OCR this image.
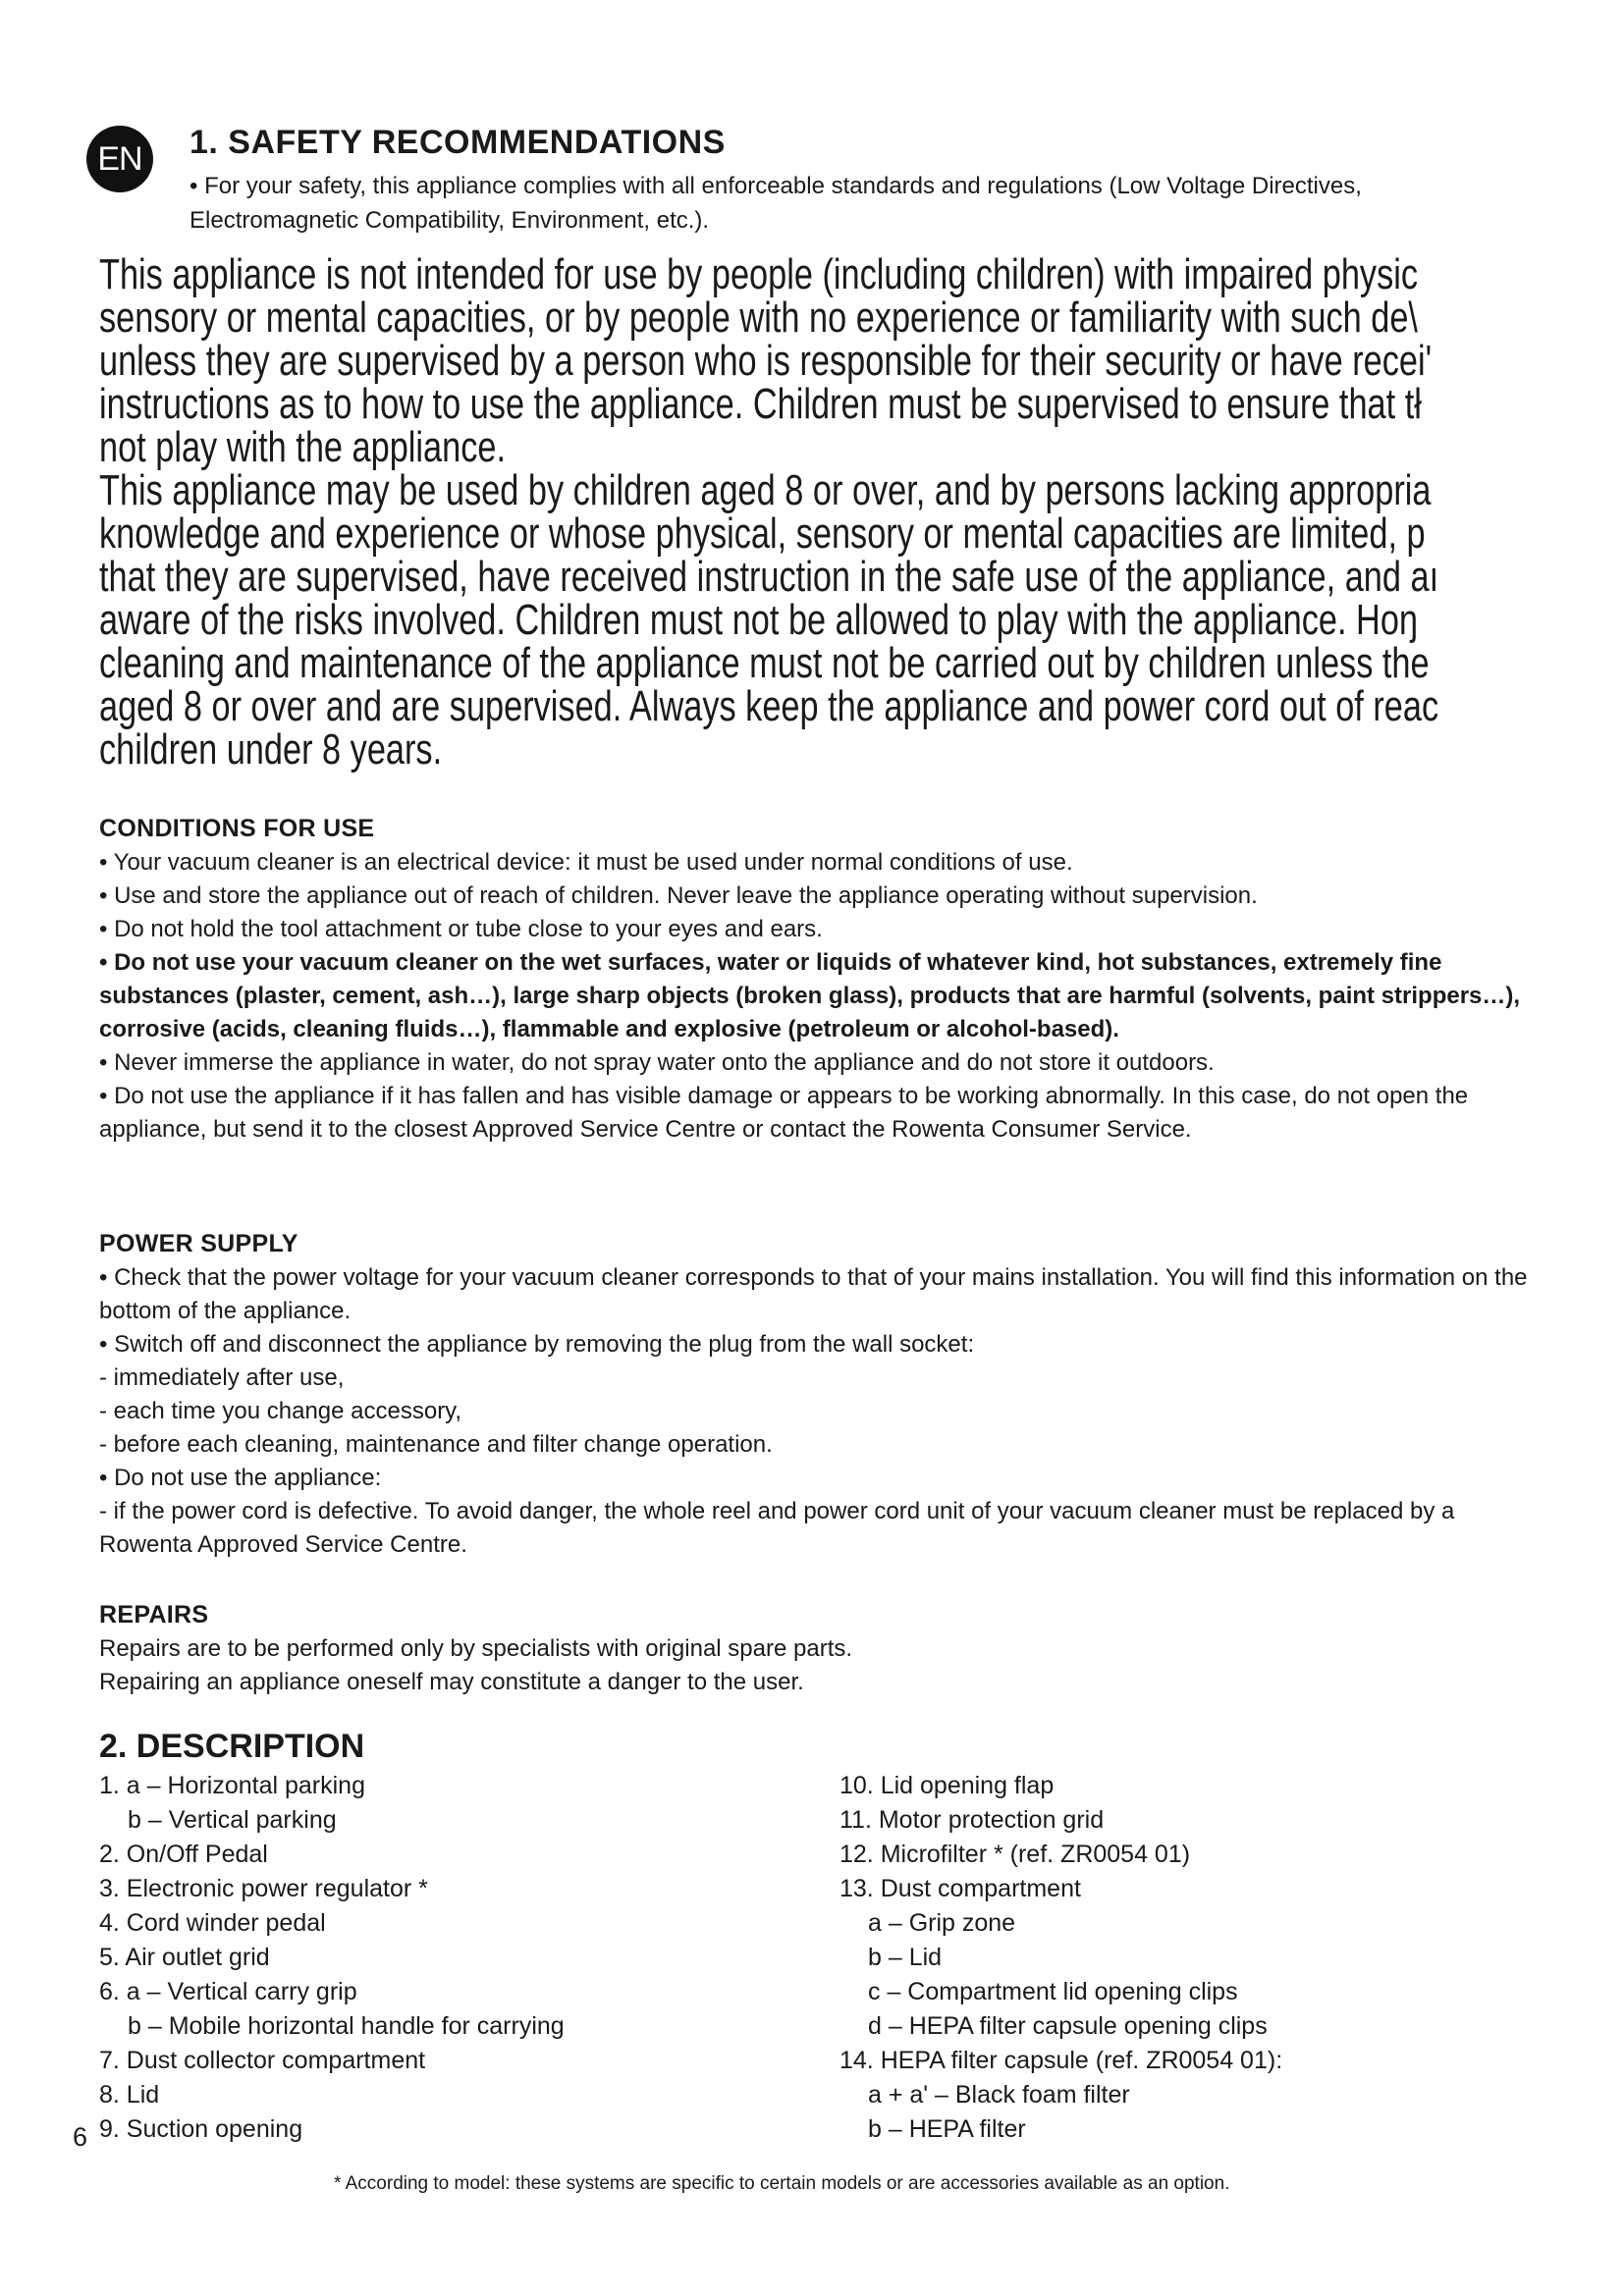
EN	1. SAFETY RECOMMENDATIONS
• For your safety, this appliance complies with all enforceable standards and regulations (Low Voltage Directives, Electromagnetic Compatibility, Environment, etc.).
This appliance is not intended for use by people (including children) with impaired physic
sensory or mental capacities, or by people with no experience or familiarity with such de\
unless they are supervised by a person who is responsible for their security or have recei'
instructions as to how to use the appliance. Children must be supervised to ensure that tł
not play with the appliance.
This appliance may be used by children aged 8 or over, and by persons lacking appropria
knowledge and experience or whose physical, sensory or mental capacities are limited, p
that they are supervised, have received instruction in the safe use of the appliance, and aı
aware of the risks involved. Children must not be allowed to play with the appliance. Hoŋ
cleaning and maintenance of the appliance must not be carried out by children unless the
aged 8 or over and are supervised. Always keep the appliance and power cord out of reac
children under 8 years.
CONDITIONS FOR USE

• Your vacuum cleaner is an electrical device: it must be used under normal conditions of use.

• Use and store the appliance out of reach of children. Never leave the appliance operating without supervision.

• Do not hold the tool attachment or tube close to your eyes and ears.

• Do not use your vacuum cleaner on the wet surfaces, water or liquids of whatever kind, hot substances, extremely fine substances (plaster, cement, ash…), large sharp objects (broken glass), products that are harmful (solvents, paint strippers…), corrosive (acids, cleaning fluids…), flammable and explosive (petroleum or alcohol-based).

• Never immerse the appliance in water, do not spray water onto the appliance and do not store it outdoors.

• Do not use the appliance if it has fallen and has visible damage or appears to be working abnormally. In this case, do not open the appliance, but send it to the closest Approved Service Centre or contact the Rowenta Consumer Service.

POWER SUPPLY

• Check that the power voltage for your vacuum cleaner corresponds to that of your mains installation. You will find this information on the bottom of the appliance.

• Switch off and disconnect the appliance by removing the plug from the wall socket:

- immediately after use,

- each time you change accessory,

- before each cleaning, maintenance and filter change operation.

• Do not use the appliance:

- if the power cord is defective. To avoid danger, the whole reel and power cord unit of your vacuum cleaner must be replaced by a Rowenta Approved Service Centre.

REPAIRS

Repairs are to be performed only by specialists with original spare parts.

Repairing an appliance oneself may constitute a danger to the user.

2. DESCRIPTION
1. a – Horizontal parking
b – Vertical parking
2. On/Off Pedal
3. Electronic power regulator *
4. Cord winder pedal
5. Air outlet grid
6. a – Vertical carry grip
b – Mobile horizontal handle for carrying
7. Dust collector compartment
8. Lid
9. Suction opening
10. Lid opening flap
11. Motor protection grid
12. Microfilter * (ref. ZR0054 01)
13. Dust compartment
a – Grip zone
b – Lid
c – Compartment lid opening clips
d – HEPA filter capsule opening clips
14. HEPA filter capsule (ref. ZR0054 01):
a + a' – Black foam filter
b – HEPA filter
6
* According to model: these systems are specific to certain models or are accessories available as an option.
